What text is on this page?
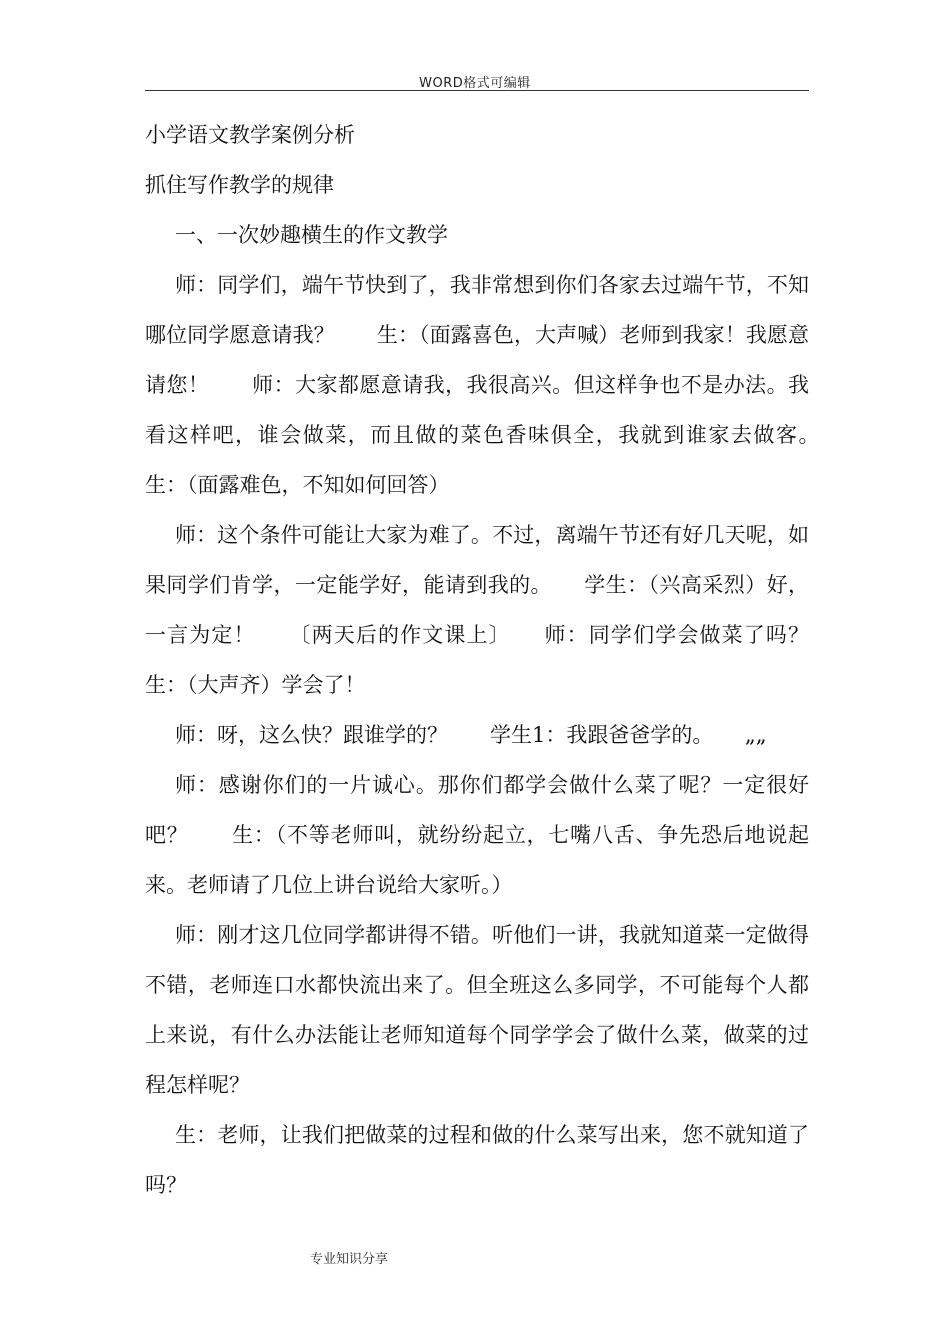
WORD格式可编辑

小学语文教学案例分析

抓住写作教学的规律

一、一次妙趣横生的作文教学

师：同学们，端午节快到了，我非常想到你们各家去过端午节，不知哪位同学愿意请我？　　生：（面露喜色，大声喊）老师到我家！我愿意请您！　　师：大家都愿意请我，我很高兴。但这样争也不是办法。我看这样吧，谁会做菜，而且做的菜色香味俱全，我就到谁家去做客。　　生：（面露难色，不知如何回答）

师：这个条件可能让大家为难了。不过，离端午节还有好几天呢，如果同学们肯学，一定能学好，能请到我的。　　学生：（兴高采烈）好，一言为定！　　〔两天后的作文课上〕　　师：同学们学会做菜了吗？　　生：（大声齐）学会了！

师：呀，这么快？跟谁学的？　　学生1：我跟爸爸学的。　　„„

师：感谢你们的一片诚心。那你们都学会做什么菜了呢？一定很好吧？　　生：（不等老师叫，就纷纷起立，七嘴八舌、争先恐后地说起来。老师请了几位上讲台说给大家听。）

师：刚才这几位同学都讲得不错。听他们一讲，我就知道菜一定做得不错，老师连口水都快流出来了。但全班这么多同学，不可能每个人都上来说，有什么办法能让老师知道每个同学学会了做什么菜，做菜的过程怎样呢？

生：老师，让我们把做菜的过程和做的什么菜写出来，您不就知道了吗？

专业知识分享
